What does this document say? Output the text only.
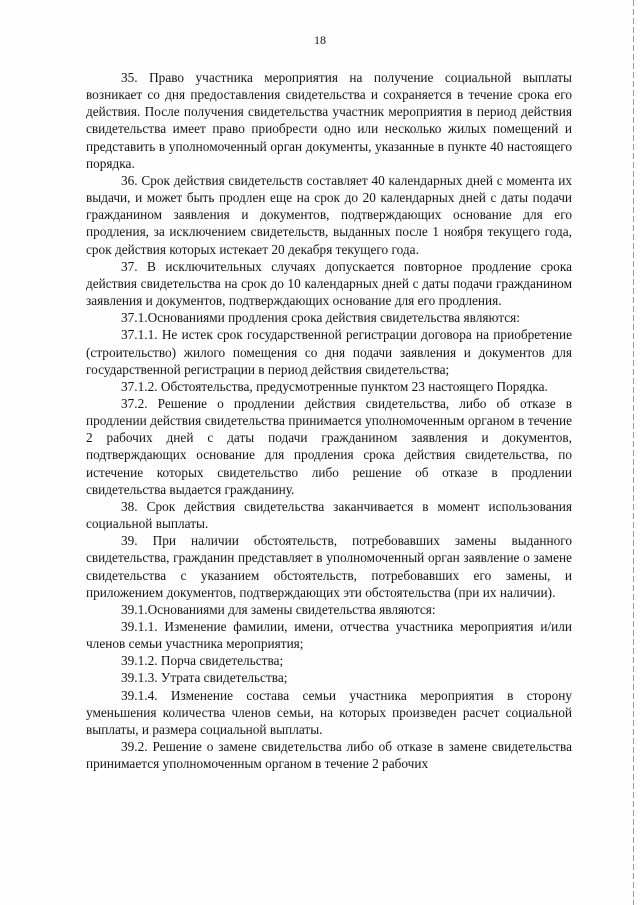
18

35. Право участника мероприятия на получение социальной выплаты возникает со дня предоставления свидетельства и сохраняется в течение срока его действия. После получения свидетельства участник мероприятия в период действия свидетельства имеет право приобрести одно или несколько жилых помещений и представить в уполномоченный орган документы, указанные в пункте 40 настоящего порядка.

36. Срок действия свидетельств составляет 40 календарных дней с момента их выдачи, и может быть продлен еще на срок до 20 календарных дней с даты подачи гражданином заявления и документов, подтверждающих основание для его продления, за исключением свидетельств, выданных после 1 ноября текущего года, срок действия которых истекает 20 декабря текущего года.

37. В исключительных случаях допускается повторное продление срока действия свидетельства на срок до 10 календарных дней с даты подачи гражданином заявления и документов, подтверждающих основание для его продления.

37.1.Основаниями продления срока действия свидетельства являются:

37.1.1. Не истек срок государственной регистрации договора на приобретение (строительство) жилого помещения со дня подачи заявления и документов для государственной регистрации в период действия свидетельства;

37.1.2. Обстоятельства, предусмотренные пунктом 23 настоящего Порядка.

37.2. Решение о продлении действия свидетельства, либо об отказе в продлении действия свидетельства принимается уполномоченным органом в течение 2 рабочих дней с даты подачи гражданином заявления и документов, подтверждающих основание для продления срока действия свидетельства, по истечение которых свидетельство либо решение об отказе в продлении свидетельства выдается гражданину.

38. Срок действия свидетельства заканчивается в момент использования социальной выплаты.

39. При наличии обстоятельств, потребовавших замены выданного свидетельства, гражданин представляет в уполномоченный орган заявление о замене свидетельства с указанием обстоятельств, потребовавших его замены, и приложением документов, подтверждающих эти обстоятельства (при их наличии).

39.1.Основаниями для замены свидетельства являются:

39.1.1. Изменение фамилии, имени, отчества участника мероприятия и/или членов семьи участника мероприятия;

39.1.2. Порча свидетельства;

39.1.3. Утрата свидетельства;

39.1.4. Изменение состава семьи участника мероприятия в сторону уменьшения количества членов семьи, на которых произведен расчет социальной выплаты, и размера социальной выплаты.

39.2. Решение о замене свидетельства либо об отказе в замене свидетельства принимается уполномоченным органом в течение 2 рабочих
